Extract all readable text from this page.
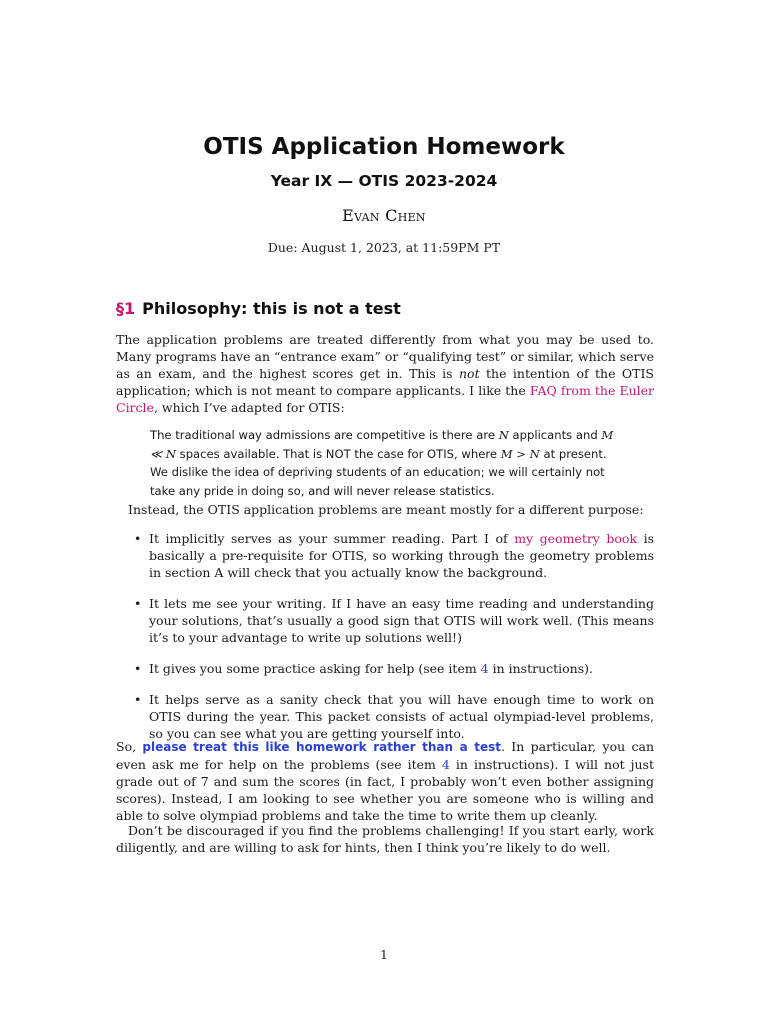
OTIS Application Homework
Year IX — OTIS 2023-2024
Evan Chen
Due: August 1, 2023, at 11:59PM PT
§1 Philosophy: this is not a test
The application problems are treated differently from what you may be used to. Many programs have an “entrance exam” or “qualifying test” or similar, which serve as an exam, and the highest scores get in. This is not the intention of the OTIS application; which is not meant to compare applicants. I like the FAQ from the Euler Circle, which I’ve adapted for OTIS:
The traditional way admissions are competitive is there are N applicants and M ≪ N spaces available. That is NOT the case for OTIS, where M > N at present. We dislike the idea of depriving students of an education; we will certainly not take any pride in doing so, and will never release statistics.
Instead, the OTIS application problems are meant mostly for a different purpose:
• It implicitly serves as your summer reading. Part I of my geometry book is basically a pre-requisite for OTIS, so working through the geometry problems in section A will check that you actually know the background.
• It lets me see your writing. If I have an easy time reading and understanding your solutions, that’s usually a good sign that OTIS will work well. (This means it’s to your advantage to write up solutions well!)
• It gives you some practice asking for help (see item 4 in instructions).
• It helps serve as a sanity check that you will have enough time to work on OTIS during the year. This packet consists of actual olympiad-level problems, so you can see what you are getting yourself into.
So, please treat this like homework rather than a test. In particular, you can even ask me for help on the problems (see item 4 in instructions). I will not just grade out of 7 and sum the scores (in fact, I probably won’t even bother assigning scores). Instead, I am looking to see whether you are someone who is willing and able to solve olympiad problems and take the time to write them up cleanly.
Don’t be discouraged if you find the problems challenging! If you start early, work diligently, and are willing to ask for hints, then I think you’re likely to do well.
1
